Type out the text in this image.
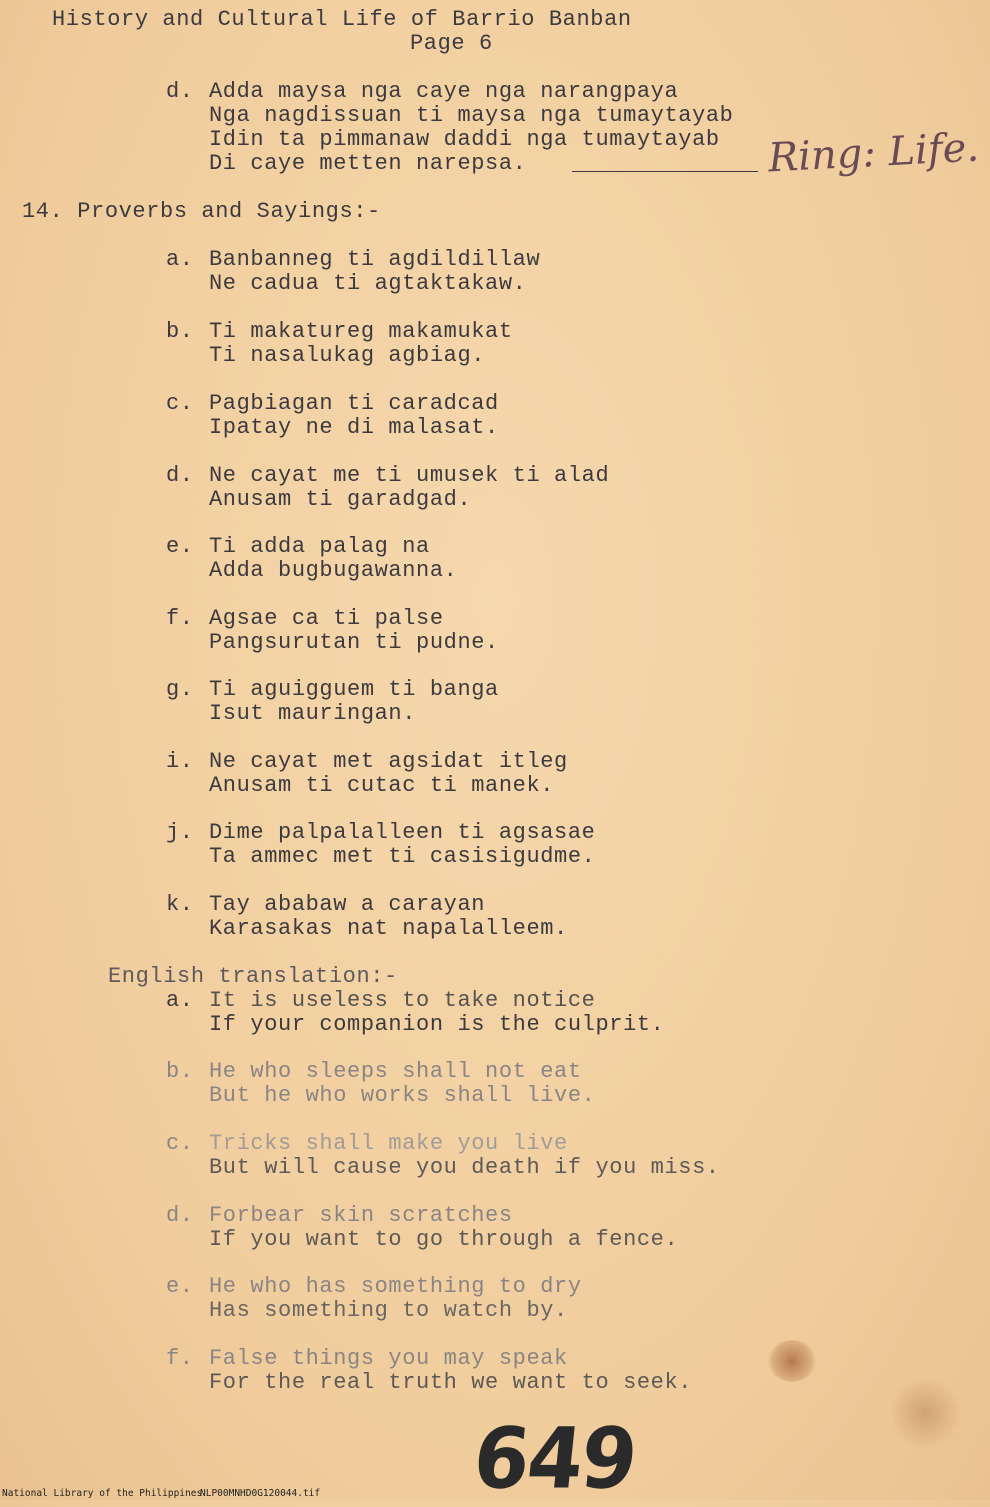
History and Cultural Life of Barrio Banban
Page 6
d. Adda maysa nga caye nga narangpaya
Nga nagdissuan ti maysa nga tumaytayab
Idin ta pimmanaw daddi nga tumaytayab
Di caye metten narepsa.	Ring: Life.
14. Proverbs and Sayings:-
a. Banbanneg ti agdildillaw
Ne cadua ti agtaktakaw.
b. Ti makatureg makamukat
Ti nasalukag agbiag.
c. Pagbiagan ti caradcad
Ipatay ne di malasat.
d. Ne cayat me ti umusek ti alad
Anusam ti garadgad.
e. Ti adda palag na
Adda bugbugawanna.
f. Agsae ca ti palse
Pangsurutan ti pudne.
g. Ti aguigguem ti banga
Isut mauringan.
i. Ne cayat met agsidat itleg
Anusam ti cutac ti manek.
j. Dime palpalalleen ti agsasae
Ta ammec met ti casisigudme.
k. Tay ababaw a carayan
Karasakas nat napalalleem.
English translation:-
a. It is useless to take notice
If your companion is the culprit.
b. He who sleeps shall not eat
But he who works shall live.
c. Tricks shall make you live
But will cause you death if you miss.
d. Forbear skin scratches
If you want to go through a fence.
e. He who has something to dry
Has something to watch by.
f. False things you may speak
For the real truth we want to seek.
649
National Library of the Philippines
NLP00MNHD0G120044.tif
